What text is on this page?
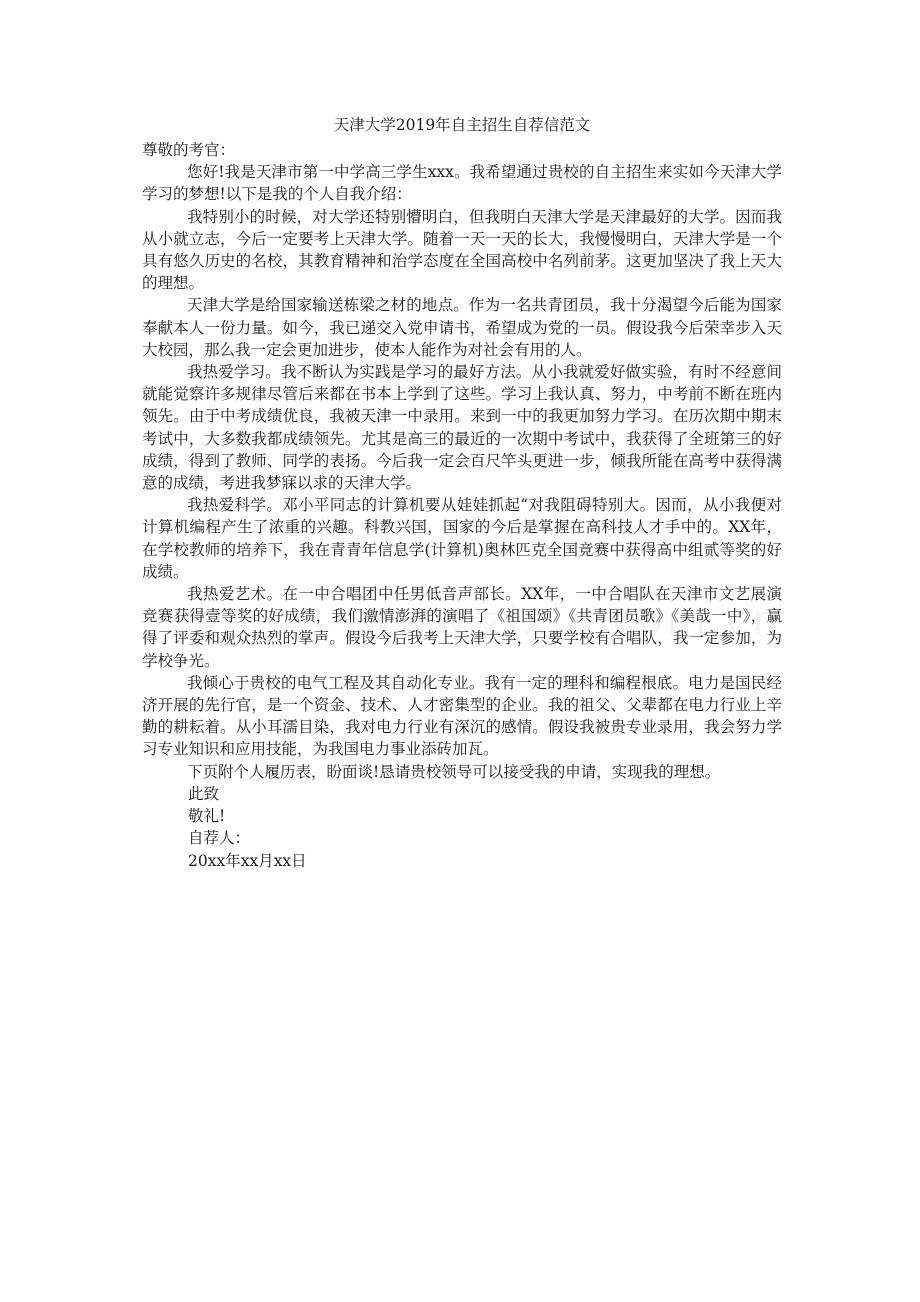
天津大学2019年自主招生自荐信范文

尊敬的考官：

您好!我是天津市第一中学高三学生xxx。我希望通过贵校的自主招生来实如今天津大学学习的梦想!以下是我的个人自我介绍：

我特别小的时候，对大学还特别懵明白，但我明白天津大学是天津最好的大学。因而我从小就立志，今后一定要考上天津大学。随着一天一天的长大，我慢慢明白，天津大学是一个具有悠久历史的名校，其教育精神和治学态度在全国高校中名列前茅。这更加坚决了我上天大的理想。

天津大学是给国家输送栋梁之材的地点。作为一名共青团员，我十分渴望今后能为国家奉献本人一份力量。如今，我已递交入党申请书，希望成为党的一员。假设我今后荣幸步入天大校园，那么我一定会更加进步，使本人能作为对社会有用的人。

我热爱学习。我不断认为实践是学习的最好方法。从小我就爱好做实验，有时不经意间就能觉察许多规律尽管后来都在书本上学到了这些。学习上我认真、努力，中考前不断在班内领先。由于中考成绩优良，我被天津一中录用。来到一中的我更加努力学习。在历次期中期末考试中，大多数我都成绩领先。尤其是高三的最近的一次期中考试中，我获得了全班第三的好成绩，得到了教师、同学的表扬。今后我一定会百尺竿头更进一步，倾我所能在高考中获得满意的成绩，考进我梦寐以求的天津大学。

我热爱科学。邓小平同志的计算机要从娃娃抓起“对我阻碍特别大。因而，从小我便对计算机编程产生了浓重的兴趣。科教兴国，国家的今后是掌握在高科技人才手中的。XX年，在学校教师的培养下，我在青青年信息学(计算机)奥林匹克全国竞赛中获得高中组贰等奖的好成绩。

我热爱艺术。在一中合唱团中任男低音声部长。XX年，一中合唱队在天津市文艺展演竞赛获得壹等奖的好成绩，我们激情澎湃的演唱了《祖国颂》《共青团员歌》《美哉一中》，赢得了评委和观众热烈的掌声。假设今后我考上天津大学，只要学校有合唱队，我一定参加，为学校争光。

我倾心于贵校的电气工程及其自动化专业。我有一定的理科和编程根底。电力是国民经济开展的先行官，是一个资金、技术、人才密集型的企业。我的祖父、父辈都在电力行业上辛勤的耕耘着。从小耳濡目染，我对电力行业有深沉的感情。假设我被贵专业录用，我会努力学习专业知识和应用技能，为我国电力事业添砖加瓦。

下页附个人履历表，盼面谈!恳请贵校领导可以接受我的申请，实现我的理想。

此致

敬礼!

自荐人：

20xx年xx月xx日
